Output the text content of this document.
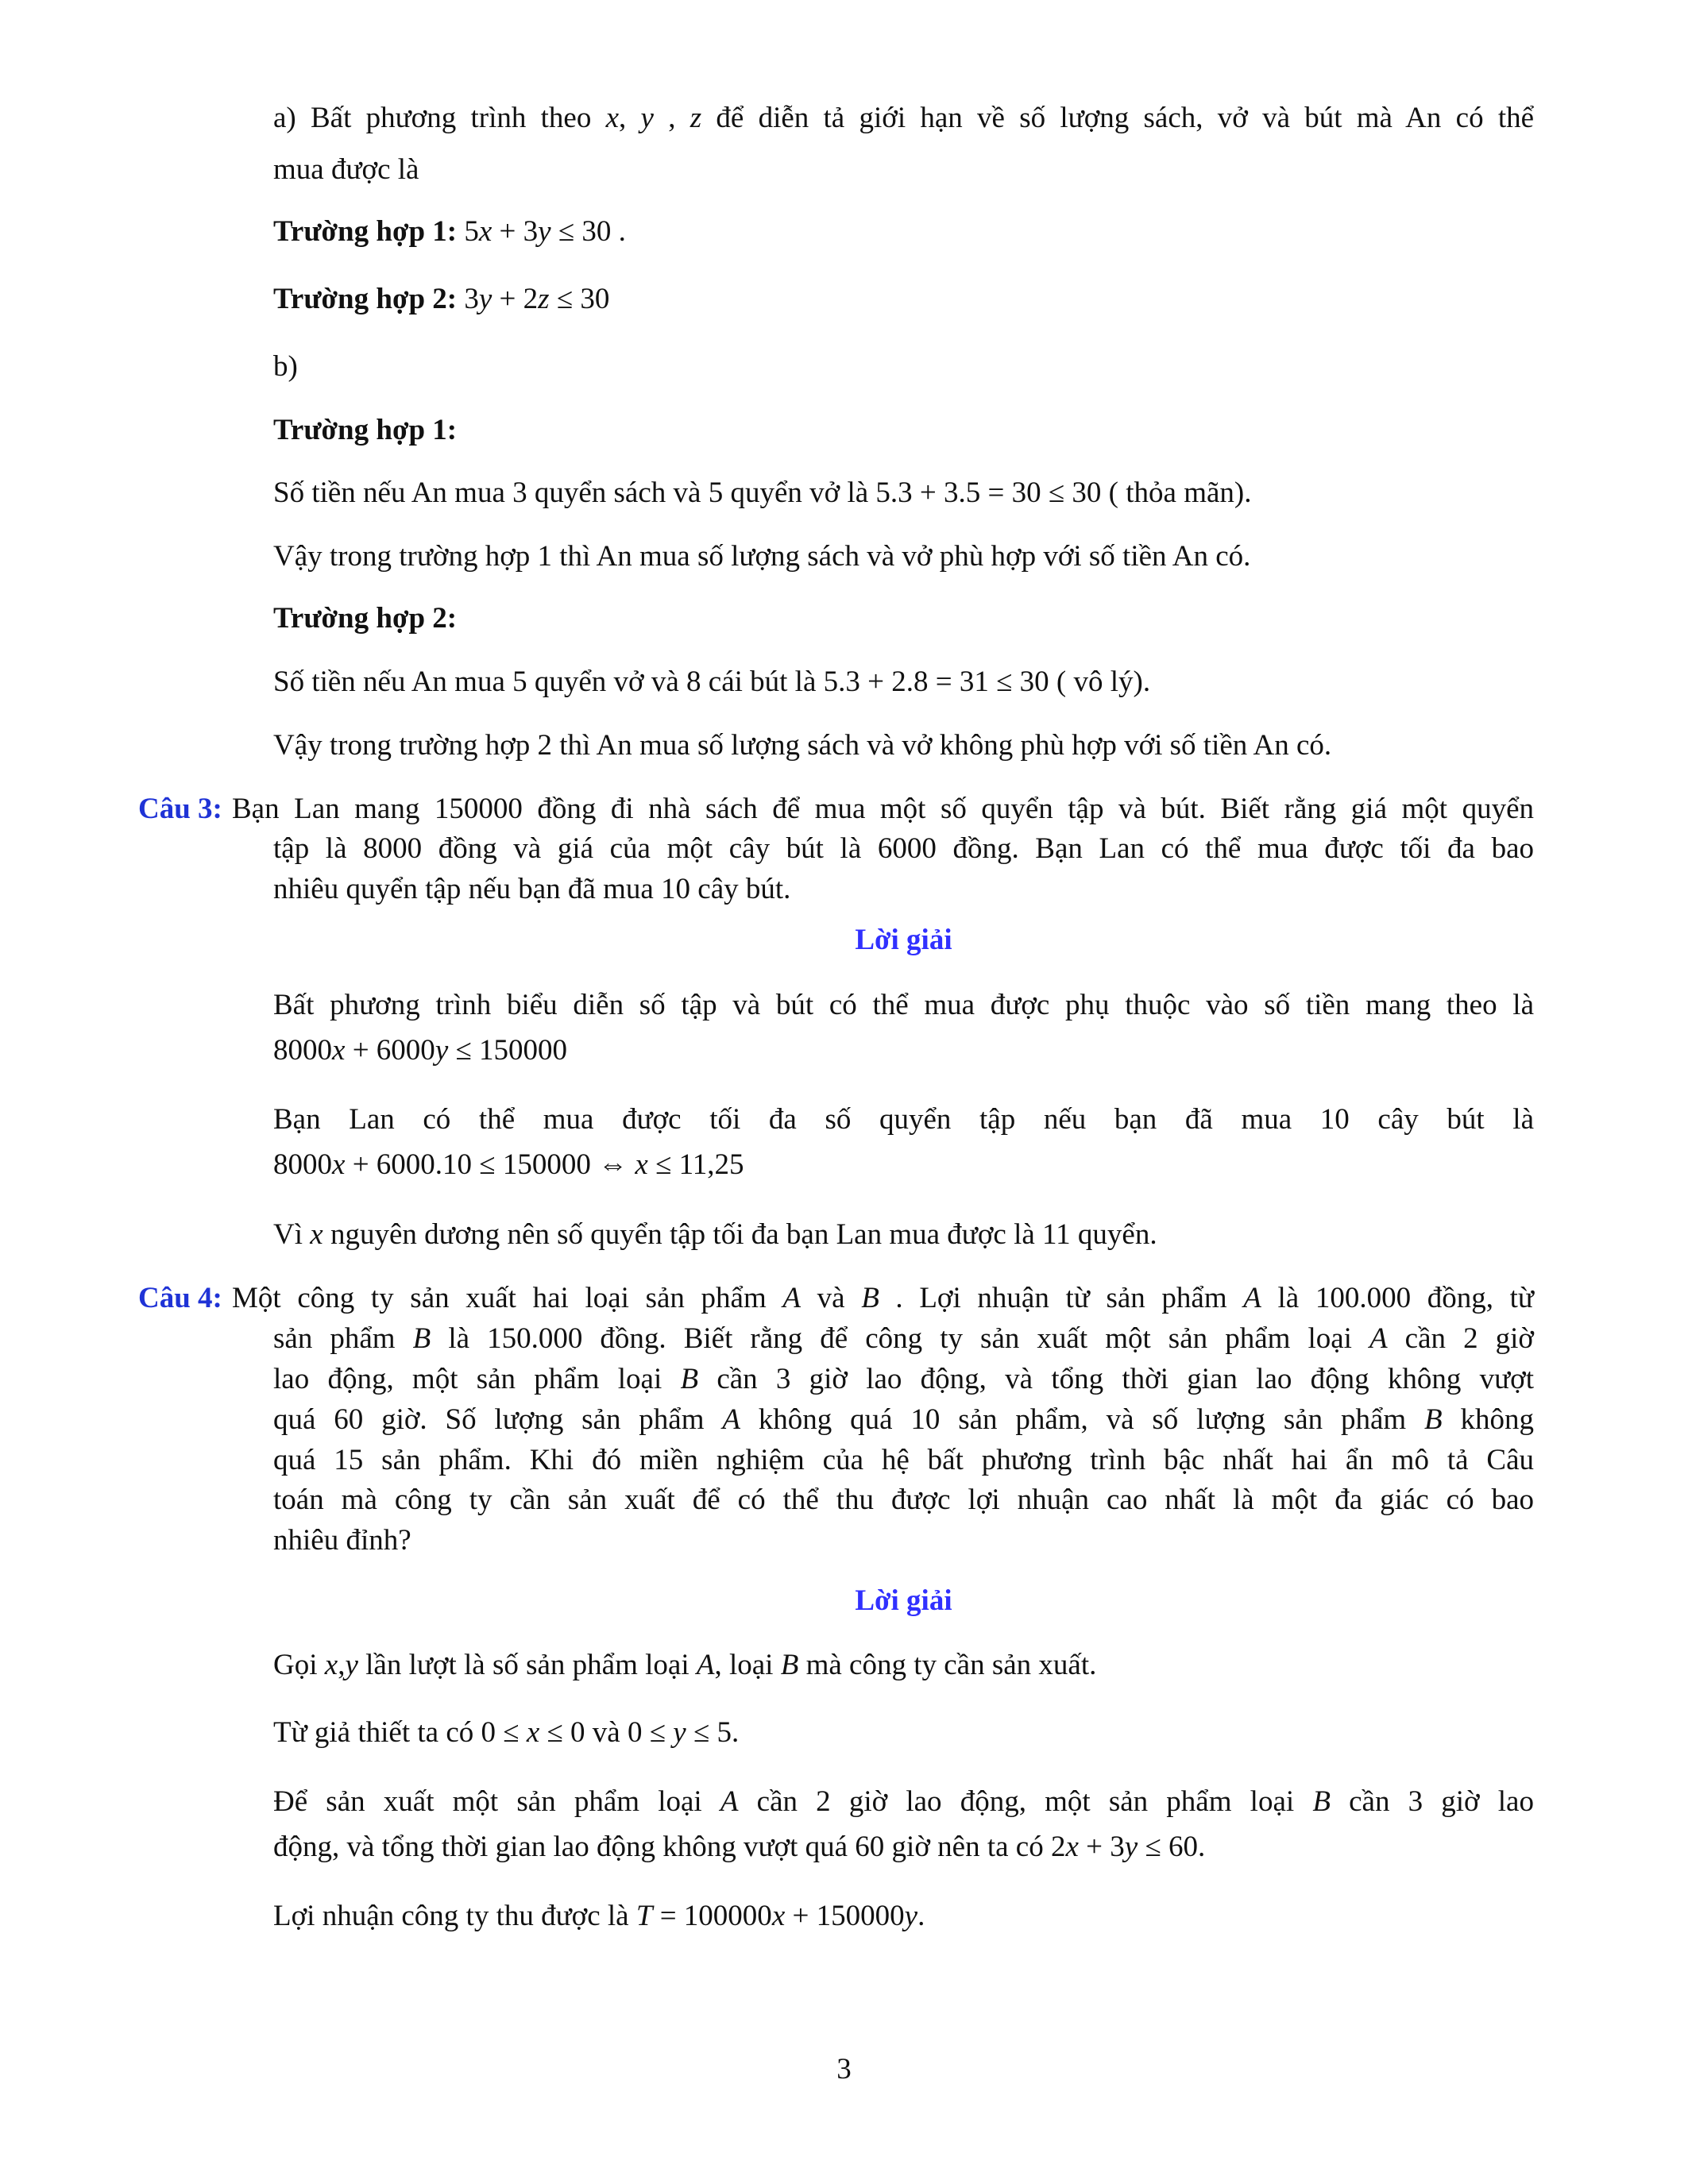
Câu 3:
Câu 4:
3
a) Bất phương trình theo x, y , z để diễn tả giới hạn về số lượng sách, vở và bút mà An có thể
mua được là
Trường hợp 1: 5x + 3y ≤ 30 .
Trường hợp 2: 3y + 2z ≤ 30
b)
Trường hợp 1:
Số tiền nếu An mua 3 quyển sách và 5 quyển vở là 5.3 + 3.5 = 30 ≤ 30 ( thỏa mãn).
Vậy trong trường hợp 1 thì An mua số lượng sách và vở phù hợp với số tiền An có.
Trường hợp 2:
Số tiền nếu An mua 5 quyển vở và 8 cái bút là 5.3 + 2.8 = 31 ≤ 30 ( vô lý).
Vậy trong trường hợp 2 thì An mua số lượng sách và vở không phù hợp với số tiền An có.
Bạn Lan mang 150000 đồng đi nhà sách để mua một số quyển tập và bút. Biết rằng giá một quyển
tập là 8000 đồng và giá của một cây bút là 6000 đồng. Bạn Lan có thể mua được tối đa bao
nhiêu quyển tập nếu bạn đã mua 10 cây bút.
Lời giải
Bất phương trình biểu diễn số tập và bút có thể mua được phụ thuộc vào số tiền mang theo là
8000x + 6000y ≤ 150000
Bạn Lan có thể mua được tối đa số quyển tập nếu bạn đã mua 10 cây bút là
8000x + 6000.10 ≤ 150000 ⇔ x ≤ 11,25
Vì x nguyên dương nên số quyển tập tối đa bạn Lan mua được là 11 quyển.
Một công ty sản xuất hai loại sản phẩm A và B . Lợi nhuận từ sản phẩm A là 100.000 đồng, từ
sản phẩm B là 150.000 đồng. Biết rằng để công ty sản xuất một sản phẩm loại A cần 2 giờ
lao động, một sản phẩm loại B cần 3 giờ lao động, và tổng thời gian lao động không vượt
quá 60 giờ. Số lượng sản phẩm A không quá 10 sản phẩm, và số lượng sản phẩm B không
quá 15 sản phẩm. Khi đó miền nghiệm của hệ bất phương trình bậc nhất hai ẩn mô tả Câu
toán mà công ty cần sản xuất để có thể thu được lợi nhuận cao nhất là một đa giác có bao
nhiêu đỉnh?
Lời giải
Gọi x,y lần lượt là số sản phẩm loại A, loại B mà công ty cần sản xuất.
Từ giả thiết ta có 0 ≤ x ≤ 0 và 0 ≤ y ≤ 5.
Để sản xuất một sản phẩm loại A cần 2 giờ lao động, một sản phẩm loại B cần 3 giờ lao
động, và tổng thời gian lao động không vượt quá 60 giờ nên ta có 2x + 3y ≤ 60.
Lợi nhuận công ty thu được là T = 100000x + 150000y.
